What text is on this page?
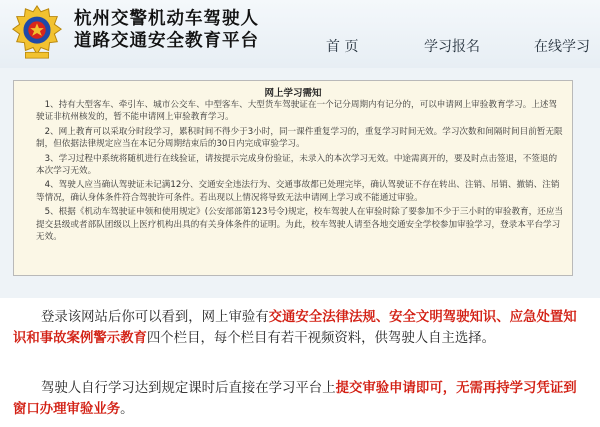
杭州交警机动车驾驶人
道路交通安全教育平台	首 页	学习报名	在线学习
网上学习需知

1、持有大型客车、牵引车、城市公交车、中型客车、大型货车驾驶证在一个记分周期内有记分的，可以申请网上审验教育学习。上述驾驶证非杭州核发的，暂不能申请网上审验教育学习。

2、网上教育可以采取分时段学习，累积时间不得少于3小时，同一课件重复学习的，重复学习时间无效。学习次数和间隔时间目前暂无限制，但依据法律规定应当在本记分周期结束后的30日内完成审验学习。

3、学习过程中系统将随机进行在线验证，请按提示完成身份验证，未录入的本次学习无效。中途需离开的，要及时点击签退，不签退的本次学习无效。

4、驾驶人应当确认驾驶证未记满12分、交通安全违法行为、交通事故都已处理完毕，确认驾驶证不存在转出、注销、吊销、撤销、注销等情况，确认身体条件符合驾驶许可条件。若出现以上情况将导致无法申请网上学习或不能通过审验。

5、根据《机动车驾驶证申领和使用规定》(公安部部第123号令)规定，校车驾驶人在审验时除了要参加不少于三小时的审验教育，还应当提交县级或者部队团级以上医疗机构出具的有关身体条件的证明。为此，校车驾驶人请至各地交通安全学校参加审验学习，登录本平台学习无效。

登录该网站后你可以看到，网上审验有交通安全法律法规、安全文明驾驶知识、应急处置知识和事故案例警示教育四个栏目，每个栏目有若干视频资料，供驾驶人自主选择。
驾驶人自行学习达到规定课时后直接在学习平台上提交审验申请即可，无需再持学习凭证到窗口办理审验业务。
